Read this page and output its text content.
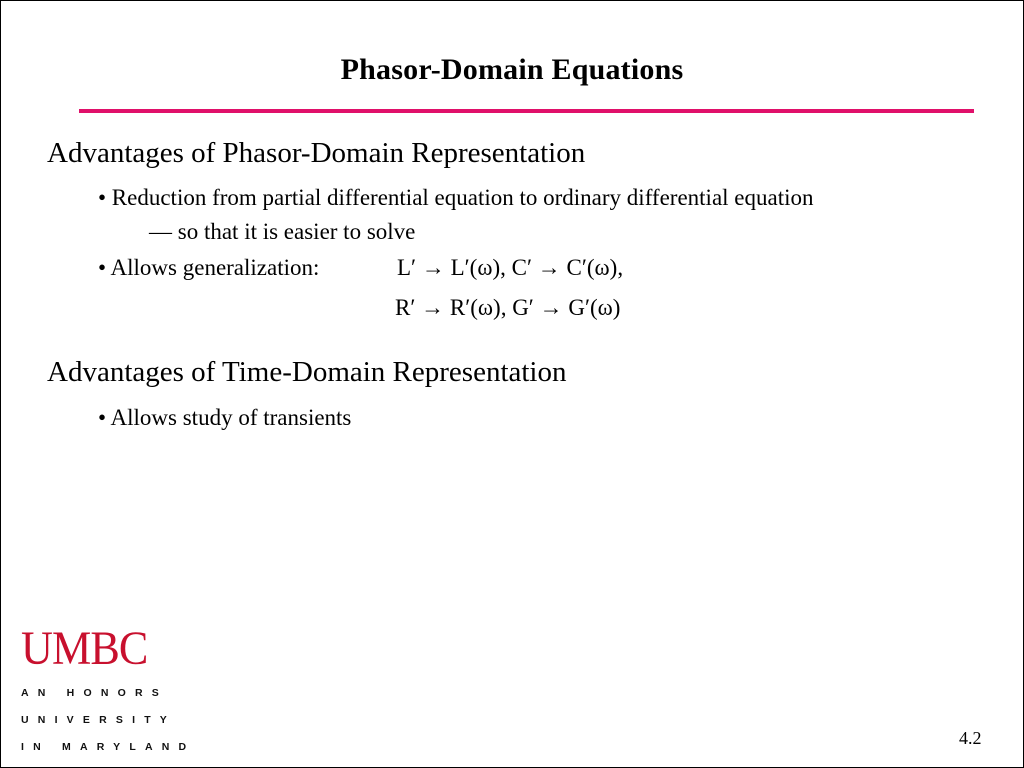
Phasor-Domain Equations
Advantages of Phasor-Domain Representation
• Reduction from partial differential equation to ordinary differential equation
— so that it is easier to solve
• Allows generalization:	L′ → L′(ω), C′ → C′(ω),
R′ → R′(ω), G′ → G′(ω)
Advantages of Time-Domain Representation
• Allows study of transients
UMBC
AN HONORS
UNIVERSITY
IN MARYLAND	4.2
